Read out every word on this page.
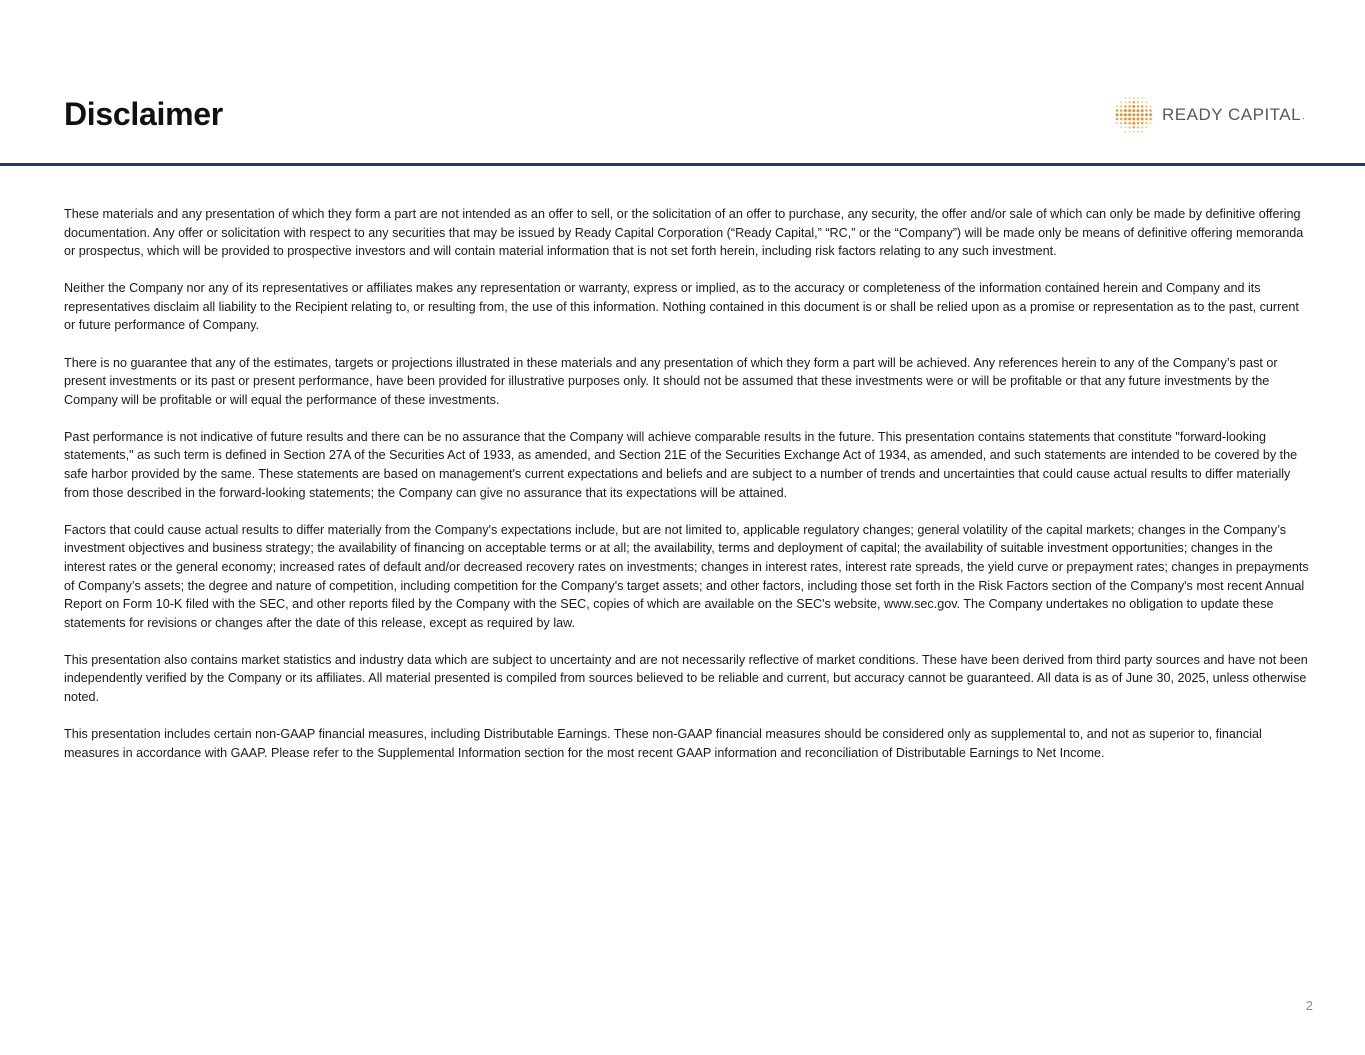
Disclaimer	READY CAPITAL.

These materials and any presentation of which they form a part are not intended as an offer to sell, or the solicitation of an offer to purchase, any security, the offer and/or sale of which can only be made by definitive offering documentation. Any offer or solicitation with respect to any securities that may be issued by Ready Capital Corporation (“Ready Capital,” “RC,” or the “Company”) will be made only be means of definitive offering memoranda or prospectus, which will be provided to prospective investors and will contain material information that is not set forth herein, including risk factors relating to any such investment.

Neither the Company nor any of its representatives or affiliates makes any representation or warranty, express or implied, as to the accuracy or completeness of the information contained herein and Company and its representatives disclaim all liability to the Recipient relating to, or resulting from, the use of this information. Nothing contained in this document is or shall be relied upon as a promise or representation as to the past, current or future performance of Company.

There is no guarantee that any of the estimates, targets or projections illustrated in these materials and any presentation of which they form a part will be achieved. Any references herein to any of the Company’s past or present investments or its past or present performance, have been provided for illustrative purposes only. It should not be assumed that these investments were or will be profitable or that any future investments by the Company will be profitable or will equal the performance of these investments.

Past performance is not indicative of future results and there can be no assurance that the Company will achieve comparable results in the future. This presentation contains statements that constitute "forward-looking statements," as such term is defined in Section 27A of the Securities Act of 1933, as amended, and Section 21E of the Securities Exchange Act of 1934, as amended, and such statements are intended to be covered by the safe harbor provided by the same. These statements are based on management's current expectations and beliefs and are subject to a number of trends and uncertainties that could cause actual results to differ materially from those described in the forward-looking statements; the Company can give no assurance that its expectations will be attained.

Factors that could cause actual results to differ materially from the Company's expectations include, but are not limited to, applicable regulatory changes; general volatility of the capital markets; changes in the Company’s investment objectives and business strategy; the availability of financing on acceptable terms or at all; the availability, terms and deployment of capital; the availability of suitable investment opportunities; changes in the interest rates or the general economy; increased rates of default and/or decreased recovery rates on investments; changes in interest rates, interest rate spreads, the yield curve or prepayment rates; changes in prepayments of Company’s assets; the degree and nature of competition, including competition for the Company's target assets; and other factors, including those set forth in the Risk Factors section of the Company's most recent Annual Report on Form 10-K filed with the SEC, and other reports filed by the Company with the SEC, copies of which are available on the SEC's website, www.sec.gov. The Company undertakes no obligation to update these statements for revisions or changes after the date of this release, except as required by law.

This presentation also contains market statistics and industry data which are subject to uncertainty and are not necessarily reflective of market conditions. These have been derived from third party sources and have not been independently verified by the Company or its affiliates. All material presented is compiled from sources believed to be reliable and current, but accuracy cannot be guaranteed. All data is as of June 30, 2025, unless otherwise noted.

This presentation includes certain non-GAAP financial measures, including Distributable Earnings. These non-GAAP financial measures should be considered only as supplemental to, and not as superior to, financial measures in accordance with GAAP. Please refer to the Supplemental Information section for the most recent GAAP information and reconciliation of Distributable Earnings to Net Income.

2
